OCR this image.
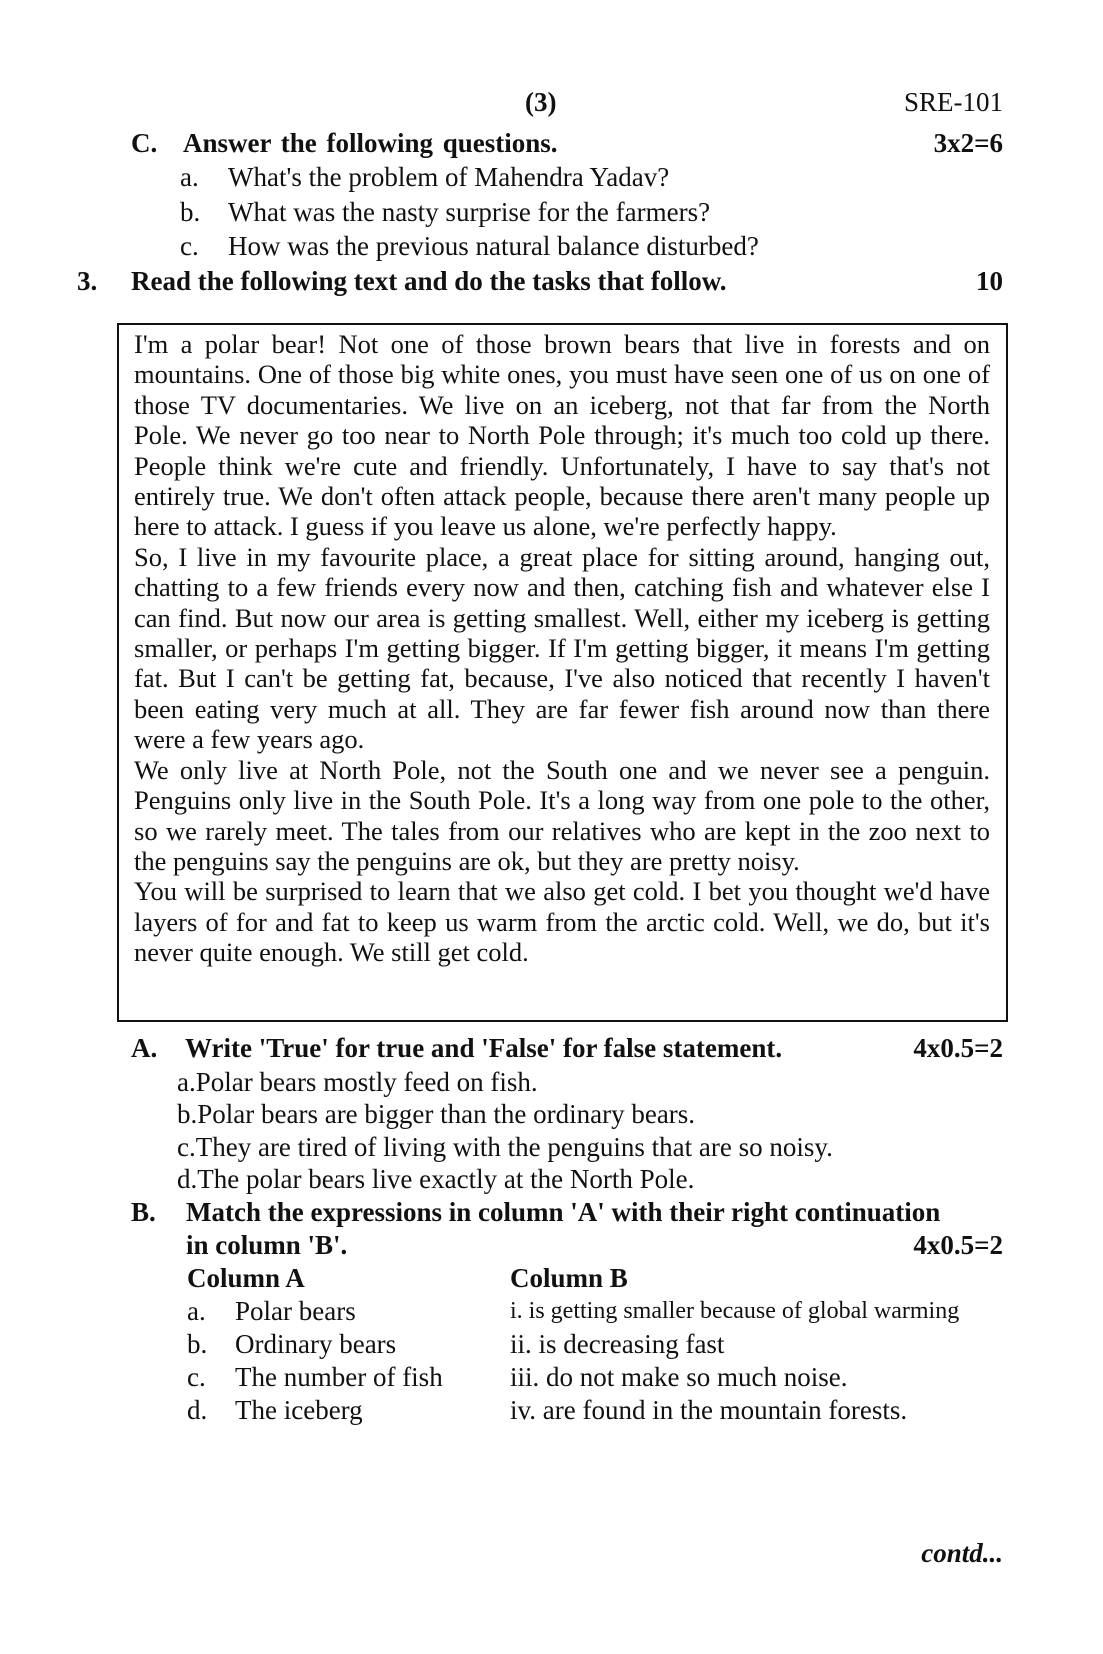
(3)	SRE-101
C. Answer the following questions.	3x2=6
a. What's the problem of Mahendra Yadav?
b. What was the nasty surprise for the farmers?
c. How was the previous natural balance disturbed?
3. Read the following text and do the tasks that follow.	10

I'm a polar bear! Not one of those brown bears that live in forests and on mountains. One of those big white ones, you must have seen one of us on one of those TV documentaries. We live on an iceberg, not that far from the North Pole. We never go too near to North Pole through; it's much too cold up there. People think we're cute and friendly. Unfortunately, I have to say that's not entirely true. We don't often attack people, because there aren't many people up here to attack. I guess if you leave us alone, we're perfectly happy.

So, I live in my favourite place, a great place for sitting around, hanging out, chatting to a few friends every now and then, catching fish and whatever else I can find. But now our area is getting smallest. Well, either my iceberg is getting smaller, or perhaps I'm getting bigger. If I'm getting bigger, it means I'm getting fat. But I can't be getting fat, because, I've also noticed that recently I haven't been eating very much at all. They are far fewer fish around now than there were a few years ago.

We only live at North Pole, not the South one and we never see a penguin. Penguins only live in the South Pole. It's a long way from one pole to the other, so we rarely meet. The tales from our relatives who are kept in the zoo next to the penguins say the penguins are ok, but they are pretty noisy.

You will be surprised to learn that we also get cold. I bet you thought we'd have layers of for and fat to keep us warm from the arctic cold. Well, we do, but it's never quite enough. We still get cold.

A. Write 'True' for true and 'False' for false statement.	4x0.5=2
a.Polar bears mostly feed on fish.
b.Polar bears are bigger than the ordinary bears.
c.They are tired of living with the penguins that are so noisy.
d.The polar bears live exactly at the North Pole.
B. Match the expressions in column 'A' with their right continuation
in column 'B'.	4x0.5=2
Column A	Column B
a. Polar bears	i. is getting smaller because of global warming
b. Ordinary bears	ii. is decreasing fast
c. The number of fish iii. do not make so much noise.
d. The iceberg	iv. are found in the mountain forests.
contd...
